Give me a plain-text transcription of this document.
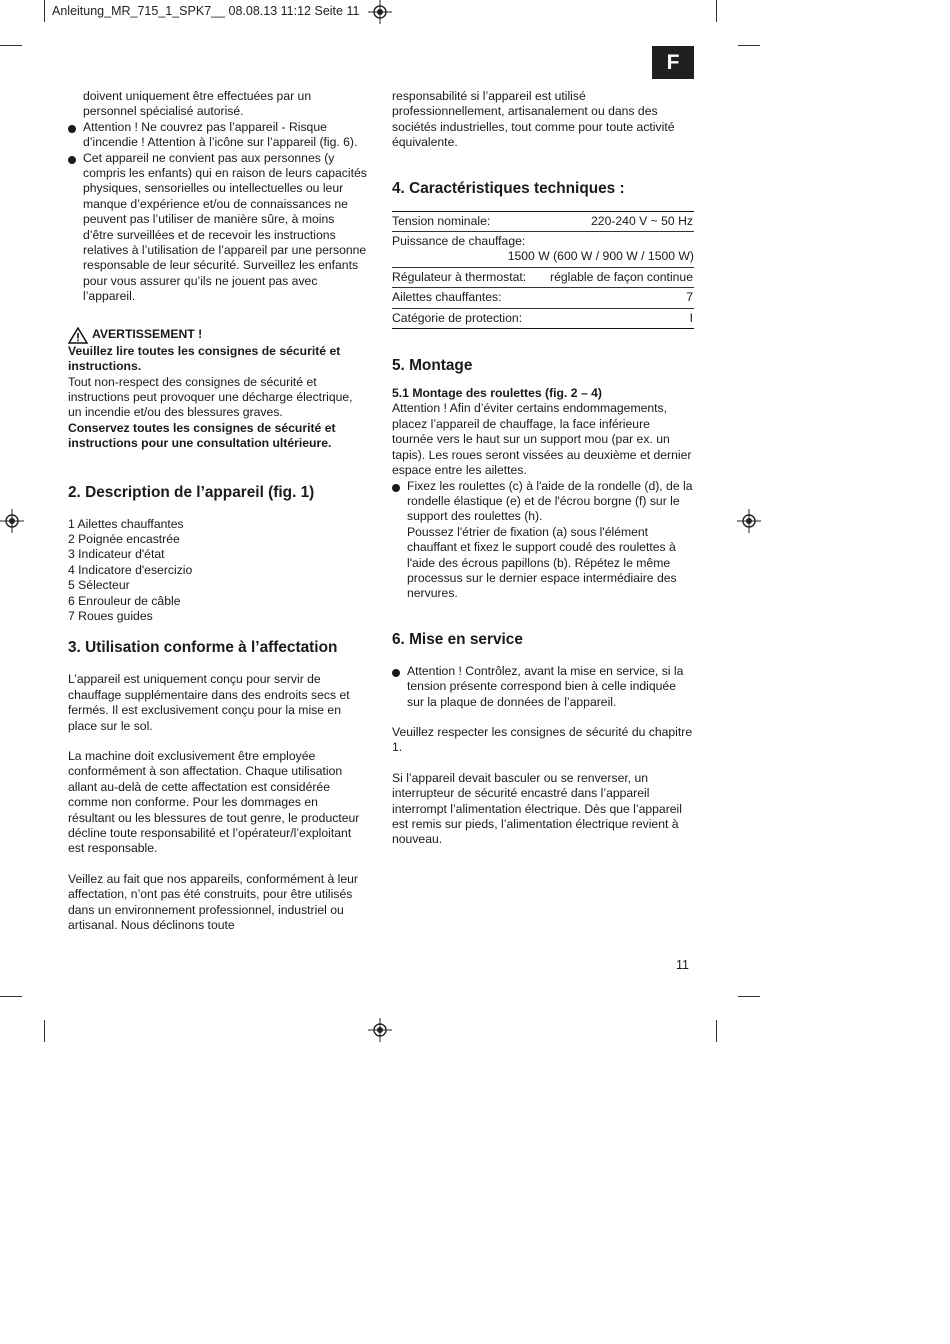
Anleitung_MR_715_1_SPK7__ 08.08.13 11:12 Seite 11
F

doivent uniquement être effectuées par un personnel spécialisé autorisé.

Attention ! Ne couvrez pas l’appareil - Risque d’incendie ! Attention à l’icône sur l’appareil (fig. 6).
Cet appareil ne convient pas aux personnes (y compris les enfants) qui en raison de leurs capacités physiques, sensorielles ou intellectuelles ou leur manque d’expérience et/ou de connaissances ne peuvent pas l’utiliser de manière sûre, à moins d’être surveillées et de recevoir les instructions relatives à l’utilisation de l’appareil par une personne responsable de leur sécurité. Surveillez les enfants pour vous assurer qu’ils ne jouent pas avec l’appareil.
AVERTISSEMENT !

Veuillez lire toutes les consignes de sécurité et instructions.

Tout non-respect des consignes de sécurité et instructions peut provoquer une décharge électrique, un incendie et/ou des blessures graves.

Conservez toutes les consignes de sécurité et instructions pour une consultation ultérieure.

2. Description de l’appareil (fig. 1)
1 Ailettes chauffantes
2 Poignée encastrée
3 Indicateur d'état
4 Indicatore d'esercizio
5 Sélecteur
6 Enrouleur de câble
7 Roues guides
3. Utilisation conforme à l’affectation

L’appareil est uniquement conçu pour servir de chauffage supplémentaire dans des endroits secs et fermés. Il est exclusivement conçu pour la mise en place sur le sol.

La machine doit exclusivement être employée conformément à son affectation. Chaque utilisation allant au-delà de cette affectation est considérée comme non conforme. Pour les dommages en résultant ou les blessures de tout genre, le producteur décline toute responsabilité et l’opérateur/l’exploitant est responsable.

Veillez au fait que nos appareils, conformément à leur affectation, n’ont pas été construits, pour être utilisés dans un environnement professionnel, industriel ou artisanal. Nous déclinons toute

responsabilité si l’appareil est utilisé professionnellement, artisanalement ou dans des sociétés industrielles, tout comme pour toute activité équivalente.

4. Caractéristiques techniques :
Tension nominale:	220-240 V ~ 50 Hz

Puissance de chauffage:
1500 W (600 W / 900 W / 1500 W)	

Régulateur à thermostat:	réglable de façon continue
Ailettes chauffantes:	7
Catégorie de protection:	I
5. Montage

5.1 Montage des roulettes (fig. 2 – 4)

Attention ! Afin d’éviter certains endommagements, placez l’appareil de chauffage, la face inférieure tournée vers le haut sur un support mou (par ex. un tapis). Les roues seront vissées au deuxième et dernier espace entre les ailettes.

Fixez les roulettes (c) à l'aide de la rondelle (d), de la rondelle élastique (e) et de l'écrou borgne (f) sur le support des roulettes (h).

Poussez l'étrier de fixation (a) sous l'élément chauffant et fixez le support coudé des roulettes à l'aide des écrous papillons (b). Répétez le même processus sur le dernier espace intermédiaire des nervures.

6. Mise en service
Attention ! Contrôlez, avant la mise en service, si la tension présente correspond bien à celle indiquée sur la plaque de données de l’appareil.

Veuillez respecter les consignes de sécurité du chapitre 1.

Si l’appareil devait basculer ou se renverser, un interrupteur de sécurité encastré dans l’appareil interrompt l’alimentation électrique. Dès que l’appareil est remis sur pieds, l’alimentation électrique revient à nouveau.

11
